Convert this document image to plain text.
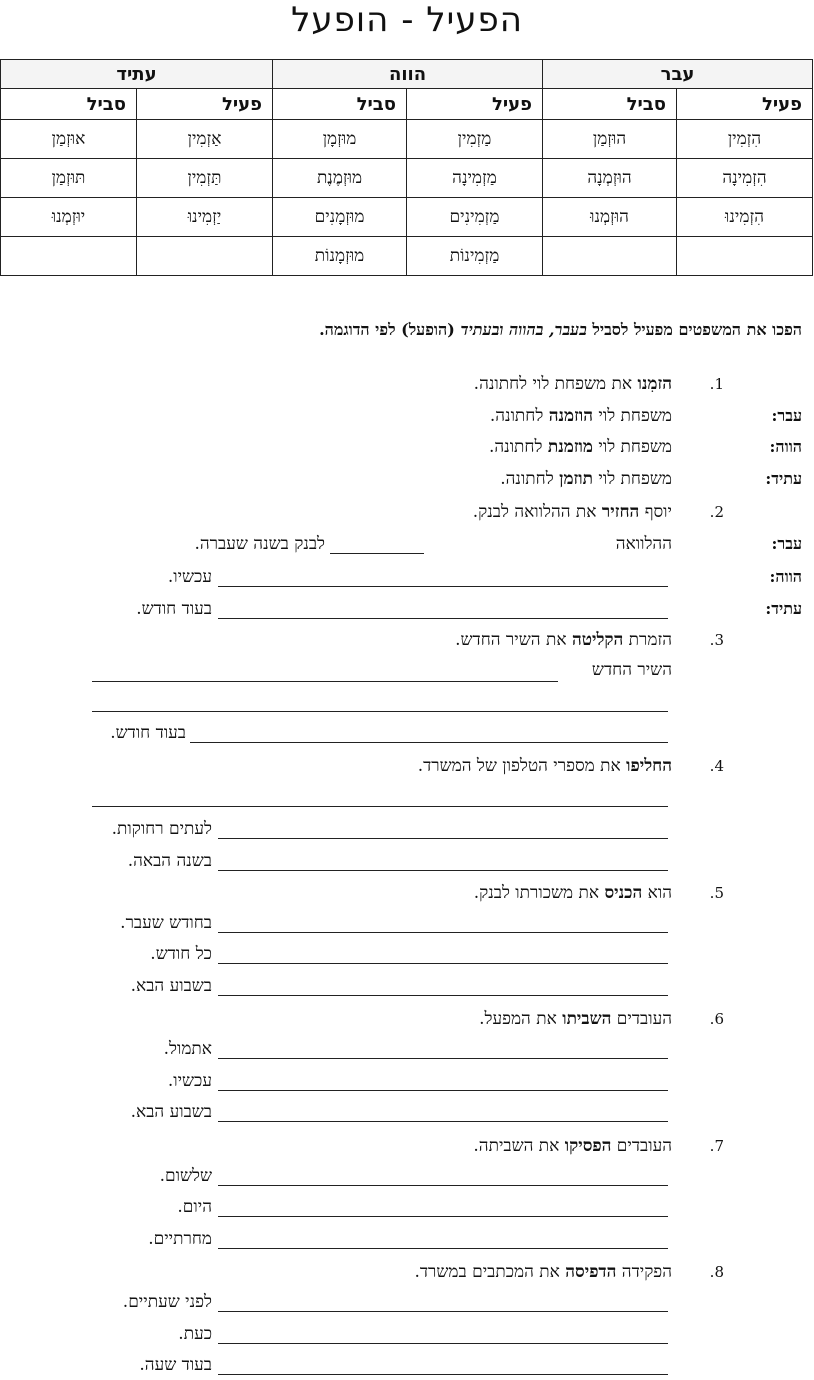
הפעיל - הופעל
עבר		הווה		עתיד	
פעיל	סביל	פעיל	סביל	פעיל	סביל
הִזְמִין	הוּזְמַן	מַזְמִין	מוּזְמָן	אַזְמִין	אוּזְמַן
הִזְמִינָה	הוּזְמְנָה	מַזְמִינָה	מוּזְמֶנֶת	תַּזְמִין	תּוּזְמַן
הִזְמִינוּ	הוּזְמְנוּ	מַזְמִינִים	מוּזְמָנִים	יַזְמִינוּ	יוּזְמְנוּ
		מַזְמִינוֹת	מוּזְמָנוֹת		
הפכו את המשפטים מפעיל לסביל בעבר, בהווה ובעתיד (הופעל) לפי הדוגמה.
1.
הזמִנו את משפחת לוי לחתונה.
עבר:
משפחת לוי הוזמנה לחתונה.
הווה:
משפחת לוי מוזמנת לחתונה.
עתיד:
משפחת לוי תוזמן לחתונה.
2.
יוסף החזיר את ההלוואה לבנק.
עבר:
ההלוואה
לבנק בשנה שעברה.
הווה:
עכשיו.
עתיד:
בעוד חודש.
3.
הזמרת הקליטה את השיר החדש.
השיר החדש
בעוד חודש.
4.
החליפו את מספרי הטלפון של המשרד.
לעתים רחוקות.
בשנה הבאה.
5.
הוא הכניס את משכורתו לבנק.
בחודש שעבר.
כל חודש.
בשבוע הבא.
6.
העובדים השביתו את המפעל.
אתמול.
עכשיו.
בשבוע הבא.
7.
העובדים הפסיקו את השביתה.
שלשום.
היום.
מחרתיים.
8.
הפקידה הדפיסה את המכתבים במשרד.
לפני שעתיים.
כעת.
בעוד שעה.
